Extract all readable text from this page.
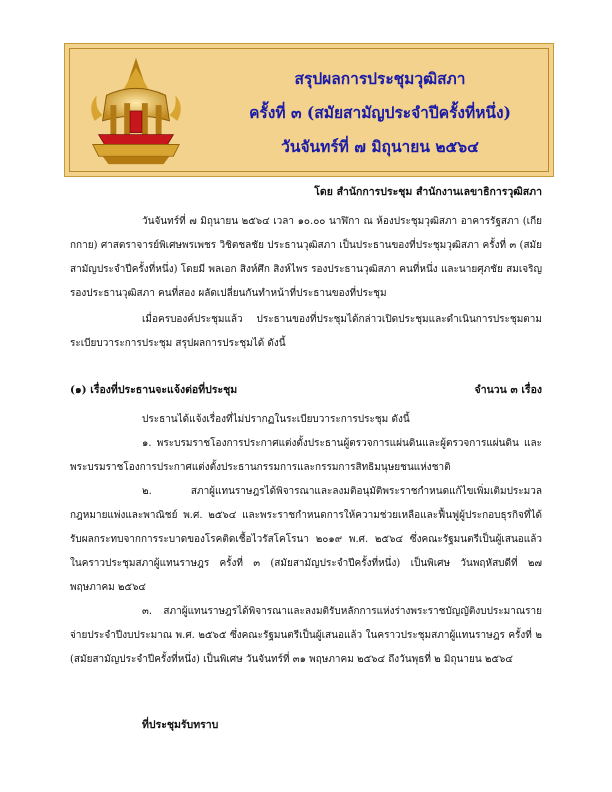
สรุปผลการประชุมวุฒิสภา
ครั้งที่ ๓ (สมัยสามัญประจำปีครั้งที่หนึ่ง)
วันจันทร์ที่ ๗ มิถุนายน ๒๕๖๔
โดย สำนักการประชุม สำนักงานเลขาธิการวุฒิสภา

วันจันทร์ที่ ๗ มิถุนายน ๒๕๖๔ เวลา ๑๐.๐๐ นาฬิกา ณ ห้องประชุมวุฒิสภา อาคารรัฐสภา (เกียกกาย) ศาสตราจารย์พิเศษพรเพชร วิชิตชลชัย ประธานวุฒิสภา เป็นประธานของที่ประชุมวุฒิสภา ครั้งที่ ๓ (สมัยสามัญประจำปีครั้งที่หนึ่ง) โดยมี พลเอก สิงห์ศึก สิงห์ไพร รองประธานวุฒิสภา คนที่หนึ่ง และนายศุภชัย สมเจริญ รองประธานวุฒิสภา คนที่สอง ผลัดเปลี่ยนกันทำหน้าที่ประธานของที่ประชุม

เมื่อครบองค์ประชุมแล้ว ประธานของที่ประชุมได้กล่าวเปิดประชุมและดำเนินการประชุมตามระเบียบวาระการประชุม สรุปผลการประชุมได้ ดังนี้

(๑) เรื่องที่ประธานจะแจ้งต่อที่ประชุม	จำนวน ๓ เรื่อง

ประธานได้แจ้งเรื่องที่ไม่ปรากฏในระเบียบวาระการประชุม ดังนี้

๑. พระบรมราชโองการประกาศแต่งตั้งประธานผู้ตรวจการแผ่นดินและผู้ตรวจการแผ่นดิน และพระบรมราชโองการประกาศแต่งตั้งประธานกรรมการและกรรมการสิทธิมนุษยชนแห่งชาติ

๒. สภาผู้แทนราษฎรได้พิจารณาและลงมติอนุมัติพระราชกำหนดแก้ไขเพิ่มเติมประมวลกฎหมายแพ่งและพาณิชย์ พ.ศ. ๒๕๖๔ และพระราชกำหนดการให้ความช่วยเหลือและฟื้นฟูผู้ประกอบธุรกิจที่ได้รับผลกระทบจากการระบาดของโรคติดเชื้อไวรัสโคโรนา ๒๐๑๙ พ.ศ. ๒๕๖๔ ซึ่งคณะรัฐมนตรีเป็นผู้เสนอแล้ว ในคราวประชุมสภาผู้แทนราษฎร ครั้งที่ ๓ (สมัยสามัญประจำปีครั้งที่หนึ่ง) เป็นพิเศษ วันพฤหัสบดีที่ ๒๗ พฤษภาคม ๒๕๖๔

๓. สภาผู้แทนราษฎรได้พิจารณาและลงมติรับหลักการแห่งร่างพระราชบัญญัติงบประมาณรายจ่ายประจำปีงบประมาณ พ.ศ. ๒๕๖๕ ซึ่งคณะรัฐมนตรีเป็นผู้เสนอแล้ว ในคราวประชุมสภาผู้แทนราษฎร ครั้งที่ ๒ (สมัยสามัญประจำปีครั้งที่หนึ่ง) เป็นพิเศษ วันจันทร์ที่ ๓๑ พฤษภาคม ๒๕๖๔ ถึงวันพุธที่ ๒ มิถุนายน ๒๕๖๔

ที่ประชุมรับทราบ
